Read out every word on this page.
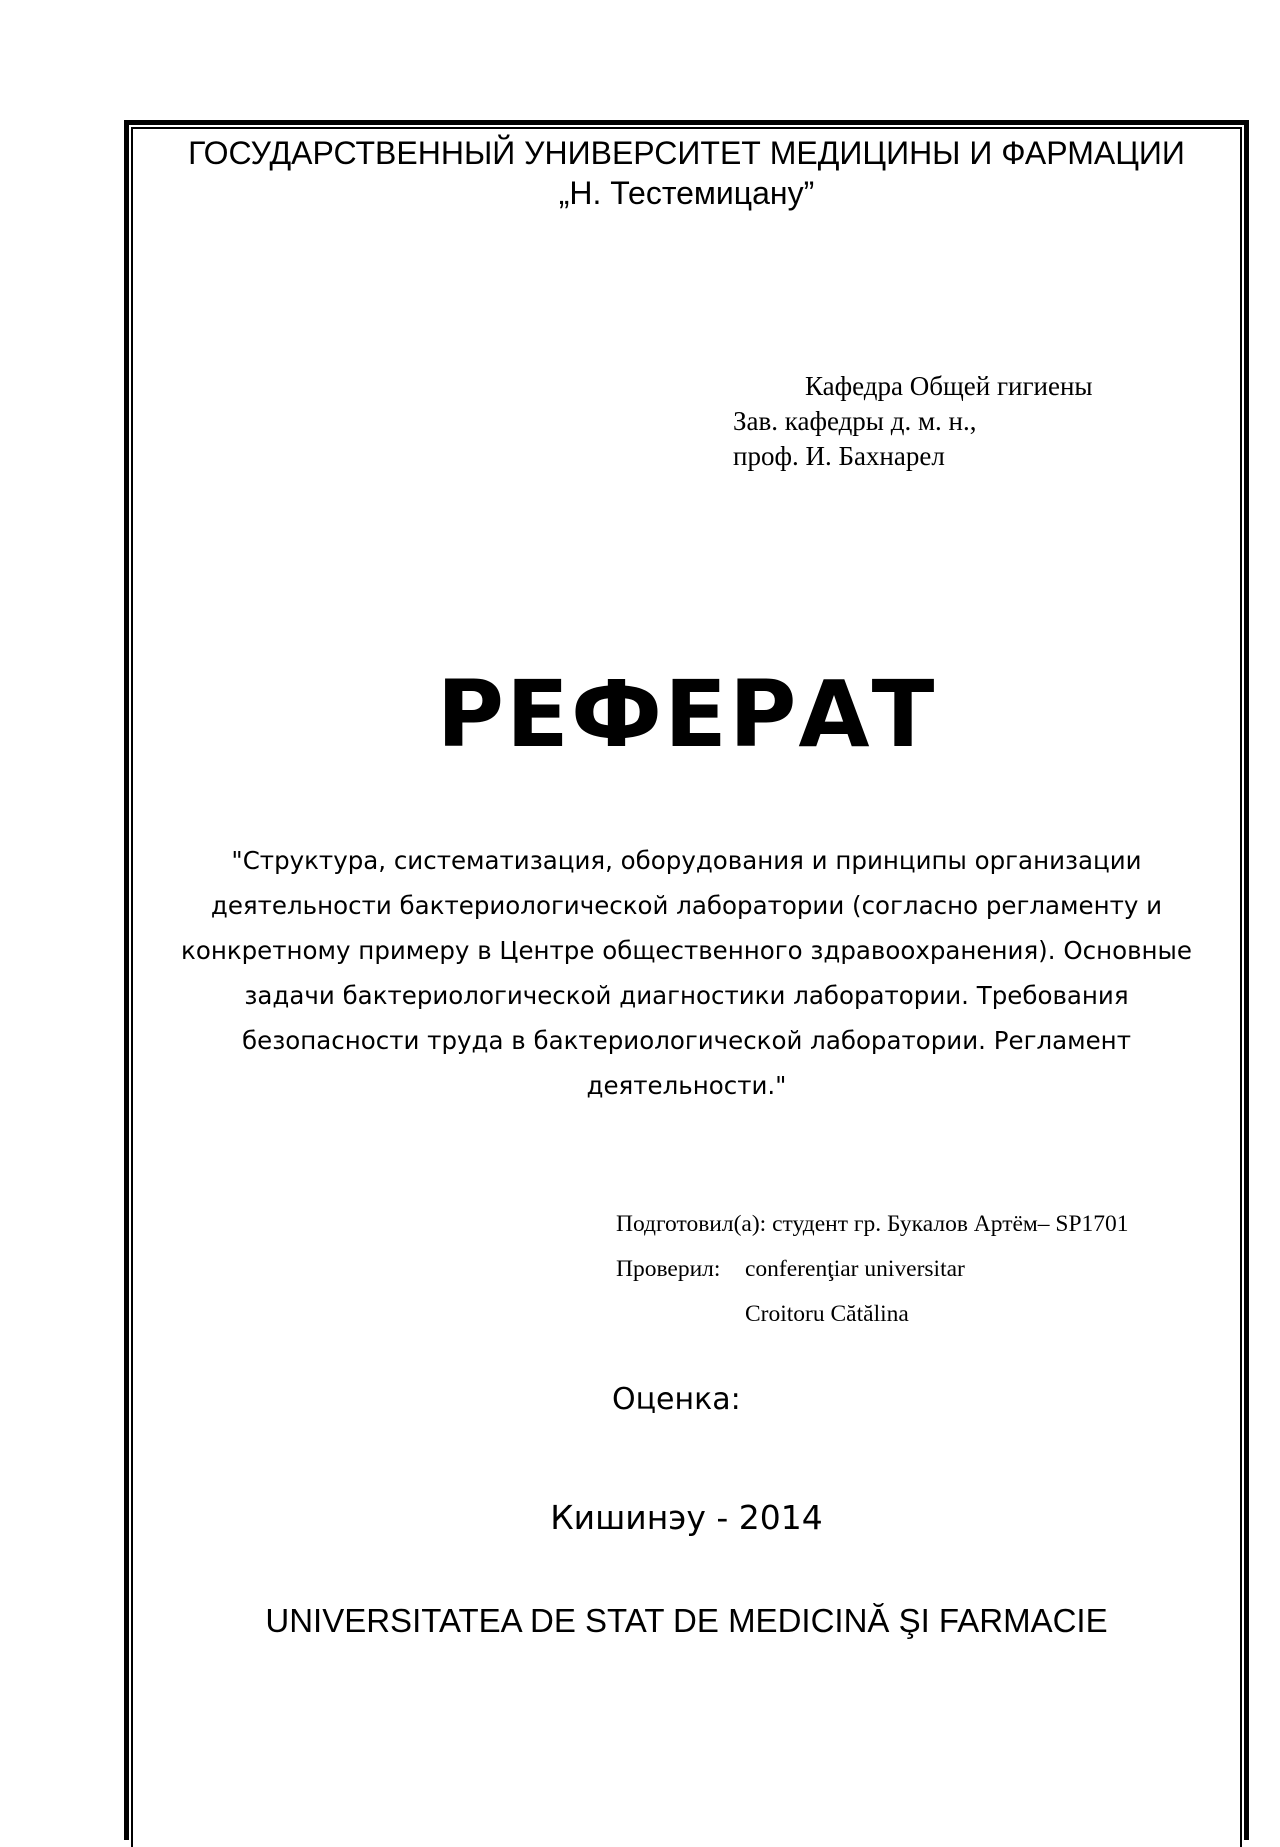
ГОСУДАРСТВЕННЫЙ УНИВЕРСИТЕТ МЕДИЦИНЫ И ФАРМАЦИИ
„Н. Тестемицану”
Кафедра Общей гигиены
Зав. кафедры д. м. н.,
проф. И. Бахнарел
РЕФЕРАТ
"Структура, систематизация, оборудования и принципы организации
деятельности бактериологической лаборатории (согласно регламенту и
конкретному примеру в Центре общественного здравоохранения). Основные
задачи бактериологической диагностики лаборатории. Требования
безопасности труда в бактериологической лаборатории. Регламент
деятельности."
Подготовил(а): студент гр. Букалов Артём– SP1701
Проверил: conferenţiar universitar
Croitoru Cătălina
Оценка:
Кишинэу - 2014
UNIVERSITATEA DE STAT DE MEDICINĂ ŞI FARMACIE
